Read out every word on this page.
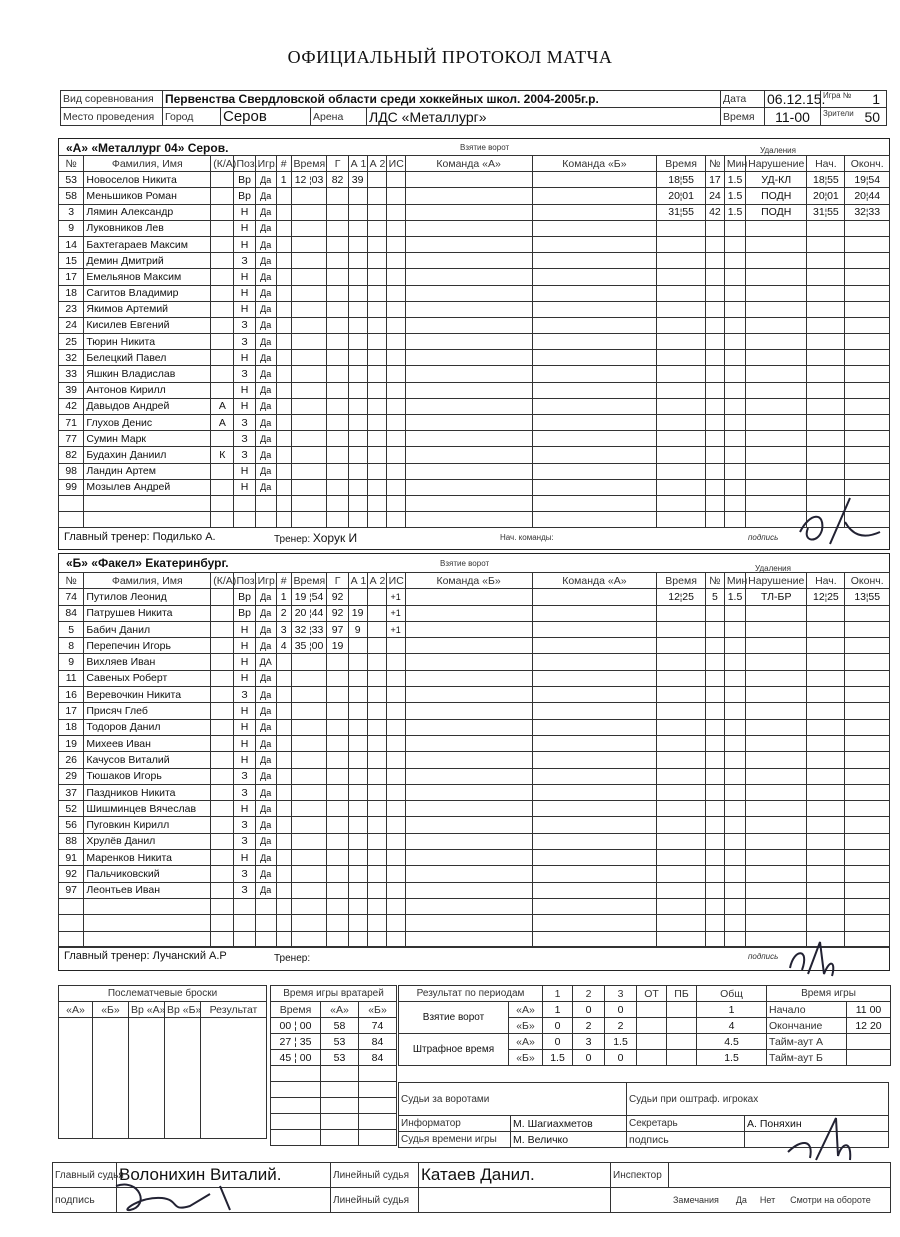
ОФИЦИАЛЬНЫЙ ПРОТОКОЛ МАТЧА
Вид соревнования	Первенства Свердловской области среди хоккейных школ. 2004-2005г.р.				Дата	06.12.15.	Игра № 1

Место проведения	Город	Серов	Арена	ЛДС «Металлург»	Время	11-00	Зрители 50
«А» «Металлург 04» Серов.	Взятие ворот	Удаления
№	Фамилия, Имя	(К/А)	Поз.	Игр.	#	Время	Г	А 1	А 2	ИС	Команда «А»	Команда «Б»	Время	№	Мин	Нарушение	Нач.	Оконч.
53	Новоселов Никита		Вр	Да	1	12 ¦03	82	39					18¦55	17	1.5	УД-КЛ	18¦55	19¦54
58	Меньшиков Роман		Вр	Да									20¦01	24	1.5	ПОДН	20¦01	20¦44
3	Лямин Александр		Н	Да									31¦55	42	1.5	ПОДН	31¦55	32¦33
9	Луковников Лев		Н	Да														
14	Бахтегараев Максим		Н	Да														
15	Демин Дмитрий		З	Да														
17	Емельянов Максим		Н	Да														
18	Сагитов Владимир		Н	Да														
23	Якимов Артемий		Н	Да														
24	Кисилев Евгений		З	Да														
25	Тюрин Никита		З	Да														
32	Белецкий Павел		Н	Да														
33	Яшкин Владислав		З	Да														
39	Антонов Кирилл		Н	Да														
42	Давыдов Андрей	А	Н	Да														
71	Глухов Денис	А	З	Да														
77	Сумин Марк		З	Да														
82	Будахин Даниил	К	З	Да														
98	Ландин Артем		Н	Да														
99	Мозылев Андрей		Н	Да														

Главный тренер: Подилько А.	Тренер: Хорук И	Нач. команды:	подпись
«Б» «Факел» Екатеринбург.	Взятие ворот
Удаления
№	Фамилия, Имя	(К/А)	Поз.	Игр.	#	Время	Г	А 1	А 2	ИС	Команда «Б»	Команда «А»	Время	№	Мин	Нарушение	Нач.	Оконч.
74	Путилов Леонид		Вр	Да	1	19 ¦54	92			+1			12¦25	5	1.5	ТЛ-БР	12¦25	13¦55
84	Патрушев Никита		Вр	Да	2	20 ¦44	92	19		+1								
5	Бабич Данил		Н	Да	3	32 ¦33	97	9		+1								
8	Перепечин Игорь		Н	Да	4	35 ¦00	19											
9	Вихляев Иван		Н	ДА														
11	Савеных Роберт		Н	Да														
16	Веревочкин Никита		З	Да														
17	Присяч Глеб		Н	Да														
18	Тодоров Данил		Н	Да														
19	Михеев Иван		Н	Да														
26	Качусов Виталий		Н	Да														
29	Тюшаков Игорь		З	Да														
37	Паздников Никита		З	Да														
52	Шишминцев Вячеслав		Н	Да														
56	Пуговкин Кирилл		З	Да														
88	Хрулёв Данил		З	Да														
91	Маренков Никита		Н	Да														
92	Пальчиковский		З	Да														
97	Леонтьев Иван		З	Да														

Главный тренер: Лучанский А.Р	Тренер:	подпись
Послематчевые броски				
«А»	«Б»	Вр «А»	Вр «Б»	Результат

Время игры вратарей		
Время	«А»	«Б»
00 ¦ 00	58	74
27 ¦ 35	53	84
45 ¦ 00	53	84

Результат по периодам		1	2	3	ОТ	ПБ	Общ
Взятие ворот	«А»	1	0	0			1
	«Б»	0	2	2			4
Штрафное время	«А»	0	3	1.5			4.5
	«Б»	1.5	0	0			1.5
Время игры	
Начало	11 00
Окончание	12 20
Тайм-аут А	
Тайм-аут Б	
Судьи за воротами		Судьи при оштраф. игроках	
Информатор	М. Шагиахметов	Секретарь	А. Поняхин
Судья времени игры	М. Величко	подпись	
Главный судья	Волонихин Виталий.	Линейный судья	Катаев Данил.	Инспектор	
подпись		Линейный судья		Замечания Да Нет Смотри на обороте	
